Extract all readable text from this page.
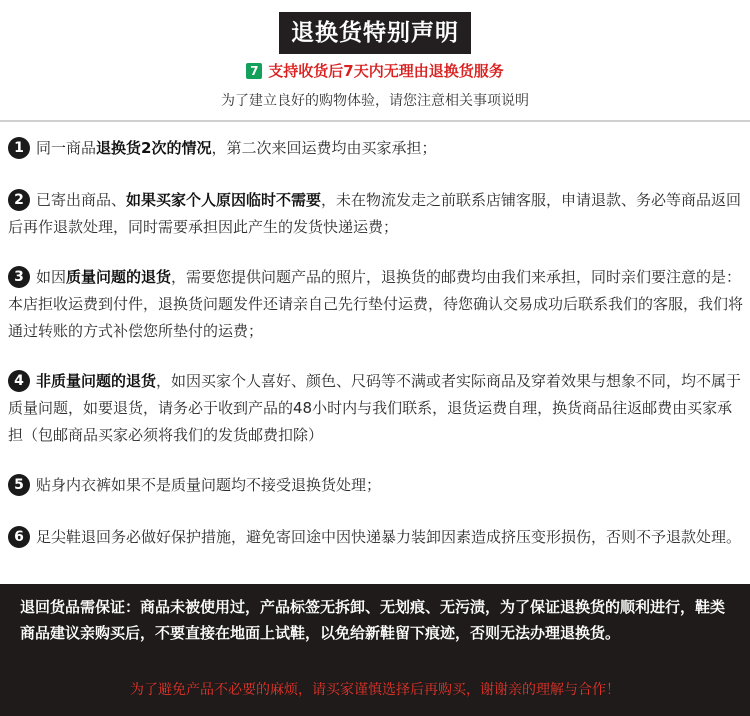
退换货特别声明
7 支持收货后7天内无理由退换货服务
为了建立良好的购物体验，请您注意相关事项说明
1 同一商品退换货2次的情况，第二次来回运费均由买家承担；
2 已寄出商品、如果买家个人原因临时不需要，未在物流发走之前联系店铺客服，申请退款、务必等商品返回后再作退款处理，同时需要承担因此产生的发货快递运费；
3 如因质量问题的退货，需要您提供问题产品的照片，退换货的邮费均由我们来承担，同时亲们要注意的是：本店拒收运费到付件，退换货问题发件还请亲自己先行垫付运费，待您确认交易成功后联系我们的客服，我们将通过转账的方式补偿您所垫付的运费；
4 非质量问题的退货，如因买家个人喜好、颜色、尺码等不满或者实际商品及穿着效果与想象不同，均不属于质量问题，如要退货，请务必于收到产品的48小时内与我们联系，退货运费自理，换货商品往返邮费由买家承担（包邮商品买家必须将我们的发货邮费扣除）
5 贴身内衣裤如果不是质量问题均不接受退换货处理；
6 足尖鞋退回务必做好保护措施，避免寄回途中因快递暴力装卸因素造成挤压变形损伤，否则不予退款处理。
退回货品需保证：商品未被使用过，产品标签无拆卸、无划痕、无污渍，为了保证退换货的顺利进行，鞋类商品建议亲购买后，不要直接在地面上试鞋，以免给新鞋留下痕迹，否则无法办理退换货。
为了避免产品不必要的麻烦，请买家谨慎选择后再购买，谢谢亲的理解与合作！
